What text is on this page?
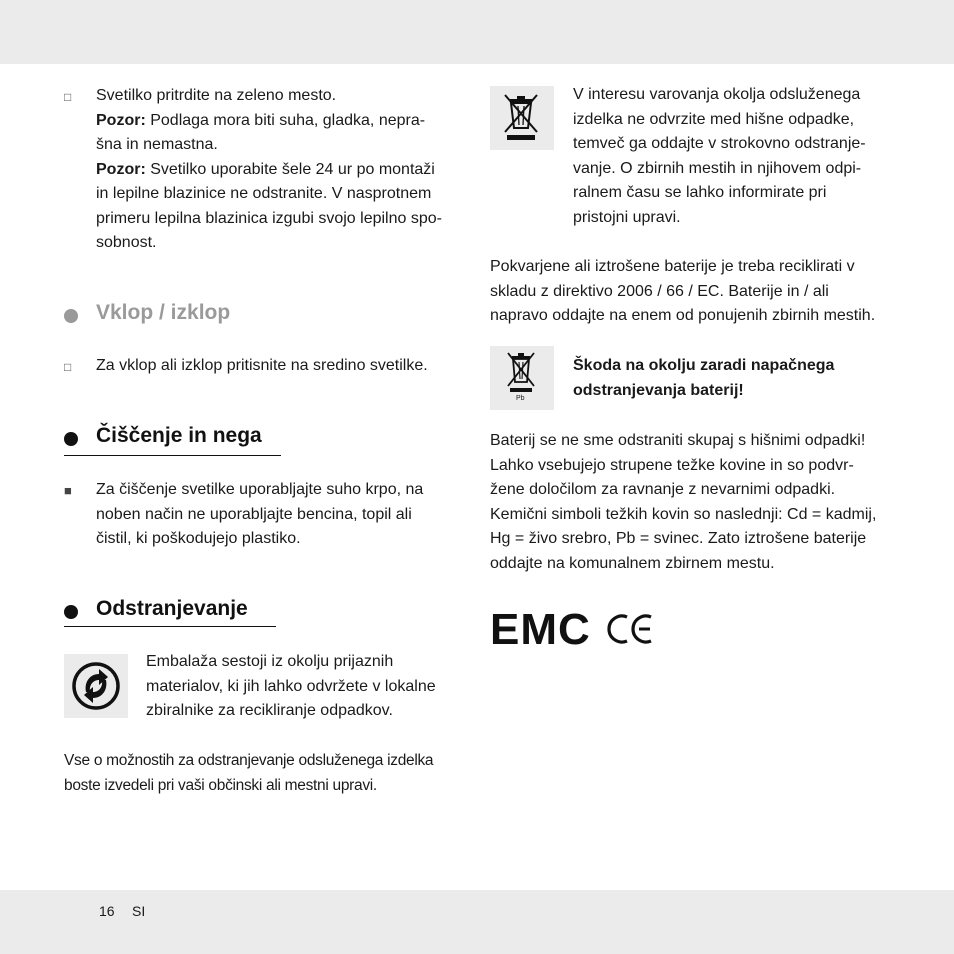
□ Svetilko pritrdite na zeleno mesto.
Pozor: Podlaga mora biti suha, gladka, nepra-
šna in nemastna.
Pozor: Svetilko uporabite šele 24 ur po montaži
in lepilne blazinice ne odstranite. V nasprotnem
primeru lepilna blazinica izgubi svojo lepilno spo-
sobnost.
Vklop / izklop
□ Za vklop ali izklop pritisnite na sredino svetilke.
Čiščenje in nega
■ Za čiščenje svetilke uporabljajte suho krpo, na
noben način ne uporabljajte bencina, topil ali
čistil, ki poškodujejo plastiko.
Odstranjevanje
Embalaža sestoji iz okolju prijaznih
materialov, ki jih lahko odvržete v lokalne
zbiralnike za recikliranje odpadkov.
Vse o možnostih za odstranjevanje odsluženega izdelka
boste izvedeli pri vaši občinski ali mestni upravi.
V interesu varovanja okolja odsluženega
izdelka ne odvrzite med hišne odpadke,
temveč ga oddajte v strokovno odstranje-
vanje. O zbirnih mestih in njihovem odpi-
ralnem času se lahko informirate pri
pristojni upravi.
Pokvarjene ali iztrošene baterije je treba reciklirati v
skladu z direktivo 2006 / 66 / EC. Baterije in / ali
napravo oddajte na enem od ponujenih zbirnih mestih.
Pb
Škoda na okolju zaradi napačnega
odstranjevanja baterij!
Baterij se ne sme odstraniti skupaj s hišnimi odpadki!
Lahko vsebujejo strupene težke kovine in so podvr-
žene določilom za ravnanje z nevarnimi odpadki.
Kemični simboli težkih kovin so naslednji: Cd = kadmij,
Hg = živo srebro, Pb = svinec. Zato iztrošene baterije
oddajte na komunalnem zbirnem mestu.
EMC
16 SI
